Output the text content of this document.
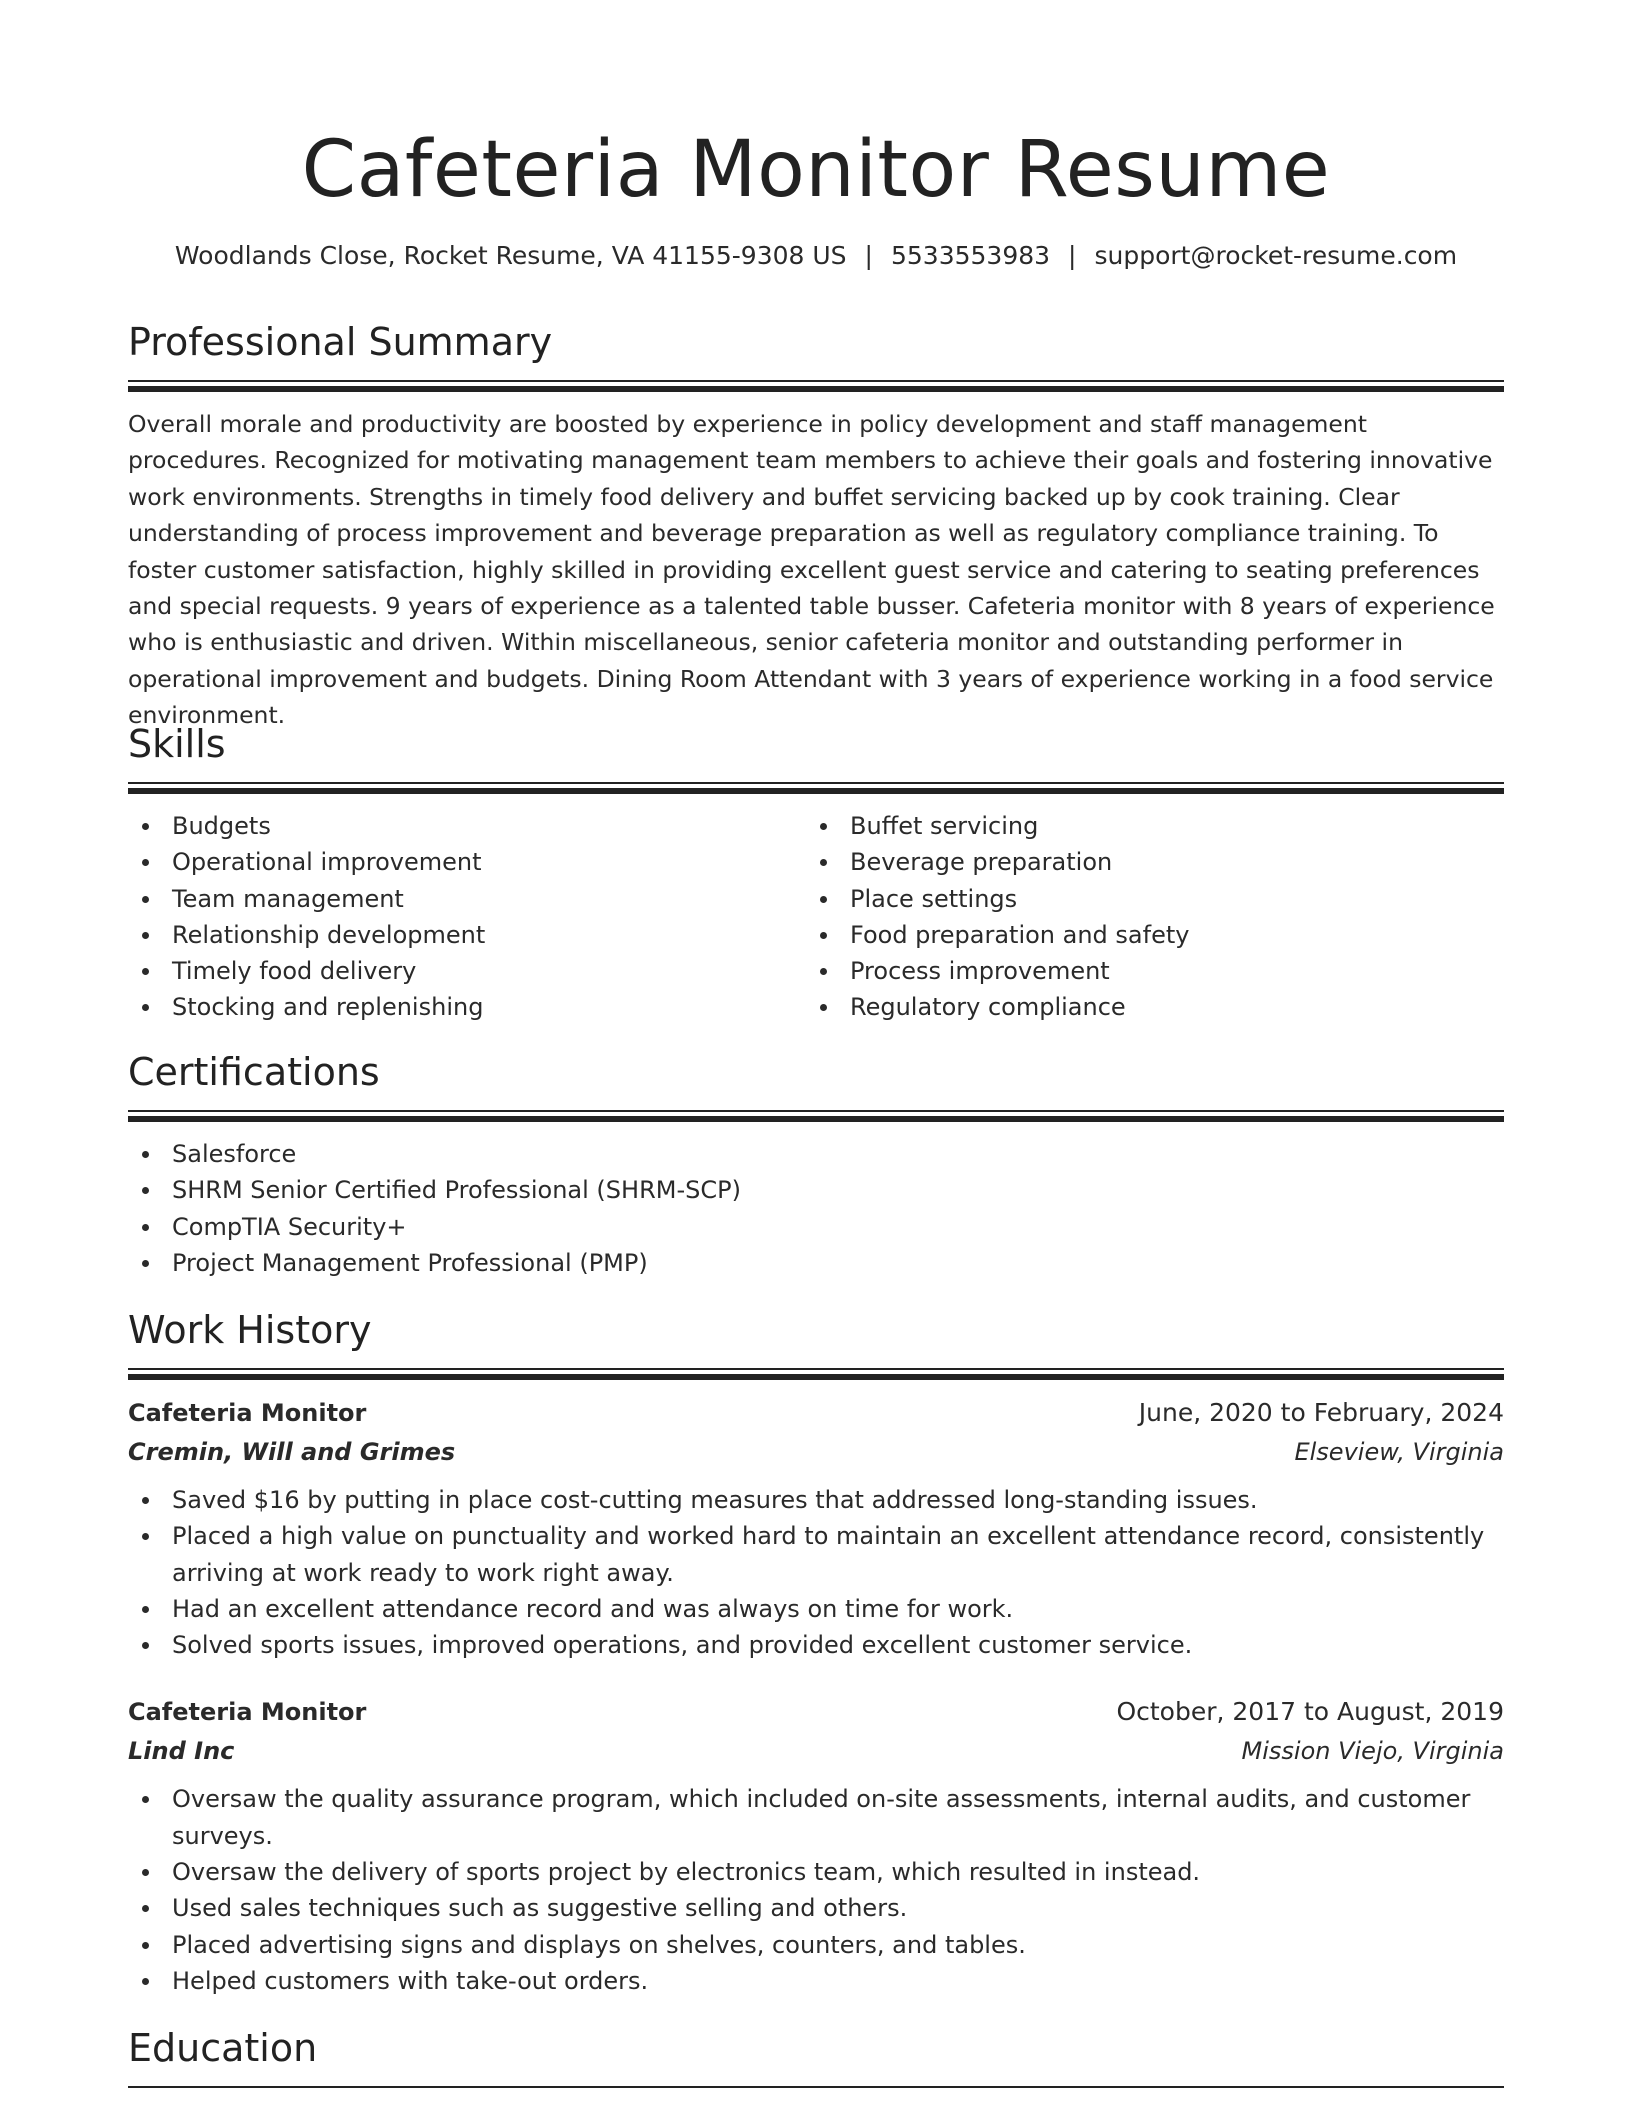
Cafeteria Monitor Resume
Woodlands Close, Rocket Resume, VA 41155-9308 US | 5533553983 | support@rocket-resume.com
Professional Summary
Overall morale and productivity are boosted by experience in policy development and staff management procedures. Recognized for motivating management team members to achieve their goals and fostering innovative work environments. Strengths in timely food delivery and buffet servicing backed up by cook training. Clear understanding of process improvement and beverage preparation as well as regulatory compliance training. To foster customer satisfaction, highly skilled in providing excellent guest service and catering to seating preferences and special requests. 9 years of experience as a talented table busser. Cafeteria monitor with 8 years of experience who is enthusiastic and driven. Within miscellaneous, senior cafeteria monitor and outstanding performer in operational improvement and budgets. Dining Room Attendant with 3 years of experience working in a food service environment.
Skills
Budgets
Operational improvement
Team management
Relationship development
Timely food delivery
Stocking and replenishing
Buffet servicing
Beverage preparation
Place settings
Food preparation and safety
Process improvement
Regulatory compliance
Certifications
Salesforce
SHRM Senior Certified Professional (SHRM-SCP)
CompTIA Security+
Project Management Professional (PMP)
Work History
Cafeteria Monitor	June, 2020 to February, 2024
Cremin, Will and Grimes	Elseview, Virginia
Saved $16 by putting in place cost-cutting measures that addressed long-standing issues.
Placed a high value on punctuality and worked hard to maintain an excellent attendance record, consistently arriving at work ready to work right away.
Had an excellent attendance record and was always on time for work.
Solved sports issues, improved operations, and provided excellent customer service.
Cafeteria Monitor	October, 2017 to August, 2019
Lind Inc	Mission Viejo, Virginia
Oversaw the quality assurance program, which included on-site assessments, internal audits, and customer surveys.
Oversaw the delivery of sports project by electronics team, which resulted in instead.
Used sales techniques such as suggestive selling and others.
Placed advertising signs and displays on shelves, counters, and tables.
Helped customers with take-out orders.
Education
